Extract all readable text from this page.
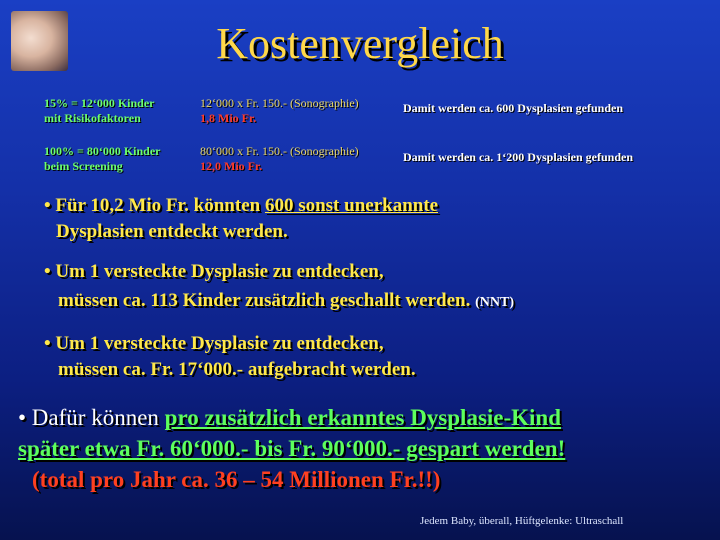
Kostenvergleich
15% = 12‘000 Kinder
mit Risikofaktoren
12‘000 x Fr. 150.- (Sonographie)
1,8 Mio Fr.
Damit werden ca. 600 Dysplasien gefunden
100% = 80‘000 Kinder
beim Screening
80‘000 x Fr. 150.- (Sonographie)
12,0 Mio Fr.
Damit werden ca. 1‘200 Dysplasien gefunden
• Für 10,2 Mio Fr. könnten 600 sonst unerkannte
Dysplasien entdeckt werden.
• Um 1 versteckte Dysplasie zu entdecken,
müssen ca. 113 Kinder zusätzlich geschallt werden. (NNT)
• Um 1 versteckte Dysplasie zu entdecken,
müssen ca. Fr. 17‘000.- aufgebracht werden.
• Dafür können pro zusätzlich erkanntes Dysplasie-Kind
später etwa Fr. 60‘000.- bis Fr. 90‘000.- gespart werden!
(total pro Jahr ca. 36 – 54 Millionen Fr.!!)
Jedem Baby, überall, Hüftgelenke: Ultraschall
